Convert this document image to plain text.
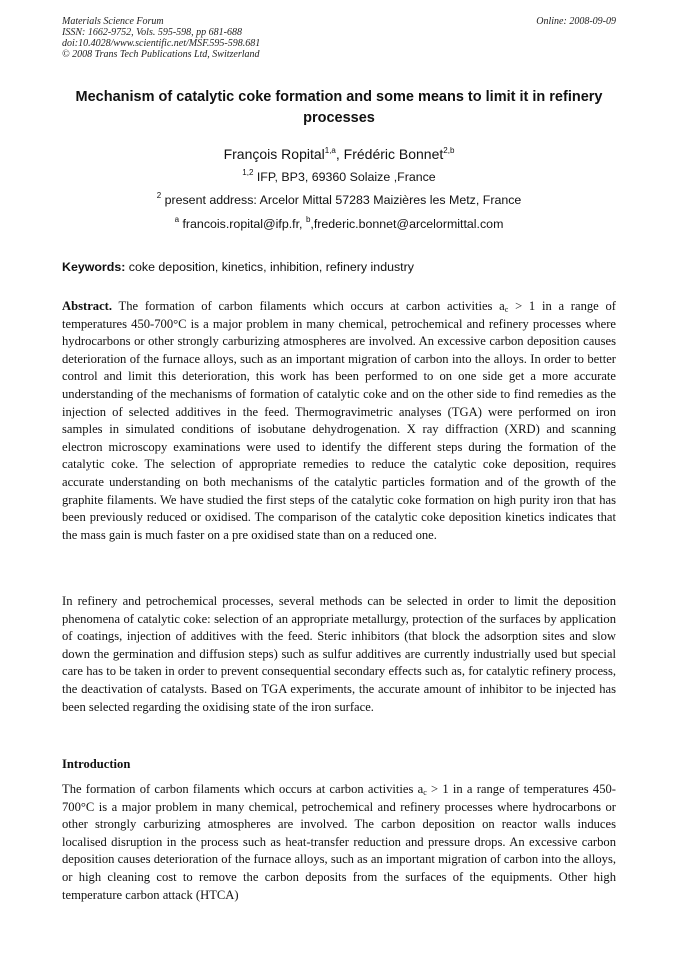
Materials Science Forum
ISSN: 1662-9752, Vols. 595-598, pp 681-688
doi:10.4028/www.scientific.net/MSF.595-598.681
© 2008 Trans Tech Publications Ltd, Switzerland
Online: 2008-09-09
Mechanism of catalytic coke formation and some means to limit it in refinery processes
François Ropital$^{1,a}$, Frédéric Bonnet$^{2,b}$
$^{1,2}$ IFP, BP3, 69360 Solaize ,France
$^2$ present address: Arcelor Mittal 57283 Maizières les Metz, France
$^a$ francois.ropital@ifp.fr, $^b$,frederic.bonnet@arcelormittal.com
Keywords: coke deposition, kinetics, inhibition, refinery industry
Abstract. The formation of carbon filaments which occurs at carbon activities $a_c > 1$ in a range of temperatures 450-700°C is a major problem in many chemical, petrochemical and refinery processes where hydrocarbons or other strongly carburizing atmospheres are involved. An excessive carbon deposition causes deterioration of the furnace alloys, such as an important migration of carbon into the alloys. In order to better control and limit this deterioration, this work has been performed to on one side get a more accurate understanding of the mechanisms of formation of catalytic coke and on the other side to find remedies as the injection of selected additives in the feed. Thermogravimetric analyses (TGA) were performed on iron samples in simulated conditions of isobutane dehydrogenation. X ray diffraction (XRD) and scanning electron microscopy examinations were used to identify the different steps during the formation of the catalytic coke. The selection of appropriate remedies to reduce the catalytic coke deposition, requires accurate understanding on both mechanisms of the catalytic particles formation and of the growth of the graphite filaments. We have studied the first steps of the catalytic coke formation on high purity iron that has been previously reduced or oxidised. The comparison of the catalytic coke deposition kinetics indicates that the mass gain is much faster on a pre oxidised state than on a reduced one.
In refinery and petrochemical processes, several methods can be selected in order to limit the deposition phenomena of catalytic coke: selection of an appropriate metallurgy, protection of the surfaces by application of coatings, injection of additives with the feed. Steric inhibitors (that block the adsorption sites and slow down the germination and diffusion steps) such as sulfur additives are currently industrially used but special care has to be taken in order to prevent consequential secondary effects such as, for catalytic refinery process, the deactivation of catalysts. Based on TGA experiments, the accurate amount of inhibitor to be injected has been selected regarding the oxidising state of the iron surface.
Introduction
The formation of carbon filaments which occurs at carbon activities $a_c > 1$ in a range of temperatures 450-700°C is a major problem in many chemical, petrochemical and refinery processes where hydrocarbons or other strongly carburizing atmospheres are involved. The carbon deposition on reactor walls induces localised disruption in the process such as heat-transfer reduction and pressure drops. An excessive carbon deposition causes deterioration of the furnace alloys, such as an important migration of carbon into the alloys, or high cleaning cost to remove the carbon deposits from the surfaces of the equipments. Other high temperature carbon attack (HTCA)
